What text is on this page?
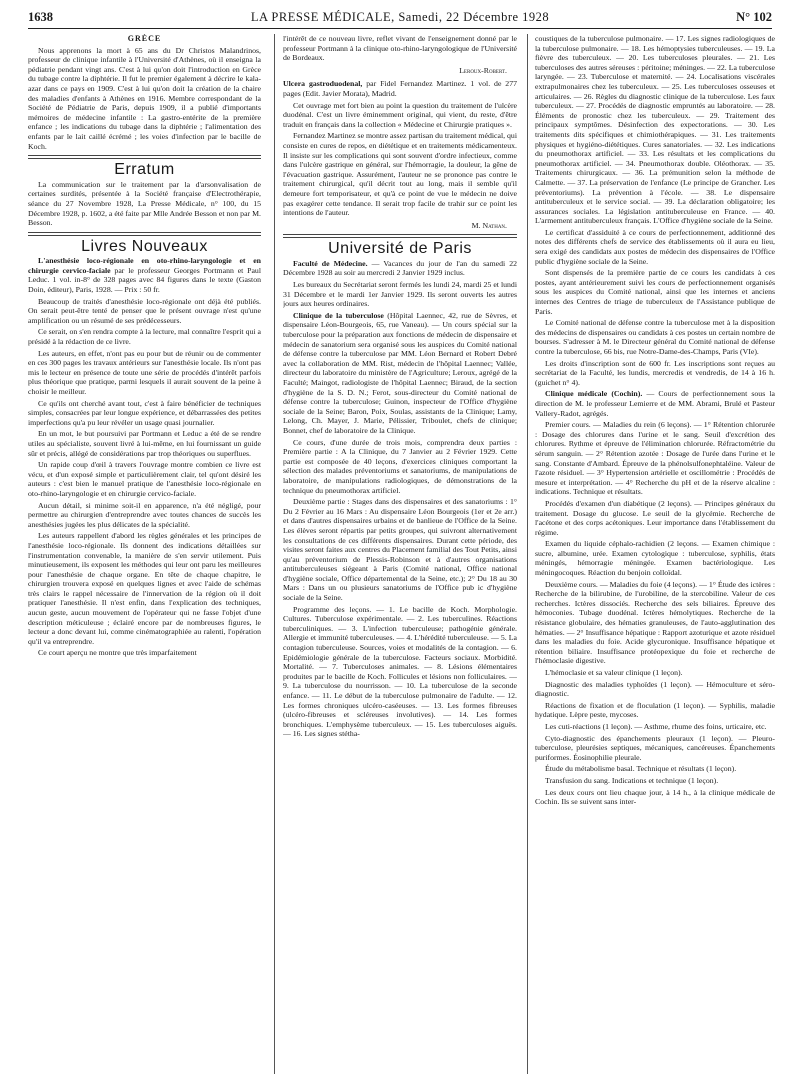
1638	LA PRESSE MÉDICALE, Samedi, 22 Décembre 1928	N° 102

GRÈCE

Nous apprenons la mort à 65 ans du Dr Christos Malandrinos, professeur de clinique infantile à l'Université d'Athènes, où il enseigna la pédiatrie pendant vingt ans. C'est à lui qu'on doit l'introduction en Grèce du tubage contre la diphtérie. Il fut le premier également à décrire le kala-azar dans ce pays en 1909. C'est à lui qu'on doit la création de la chaire des maladies d'enfants à Athènes en 1916. Membre correspondant de la Société de Pédiatrie de Paris, depuis 1909, il a publié d'importants mémoires de médecine infantile : La gastro-entérite de la première enfance ; les indications du tubage dans la diphtérie ; l'alimentation des enfants par le lait caillé écrémé ; les voies d'infection par le bacille de Koch.

Erratum

La communication sur le traitement par la d'arsonvalisation de certaines surdités, présentée à la Société française d'Electrothérapie, séance du 27 Novembre 1928, La Presse Médicale, n° 100, du 15 Décembre 1928, p. 1602, a été faite par Mlle Andrée Besson et non par M. Besson.

Livres Nouveaux

L'anesthésie loco-régionale en oto-rhino-laryngologie et en chirurgie cervico-faciale par le professeur Georges Portmann et Paul Leduc. 1 vol. in-8° de 328 pages avec 84 figures dans le texte (Gaston Doin, éditeur), Paris, 1928. — Prix : 50 fr.

Beaucoup de traités d'anesthésie loco-régionale ont déjà été publiés. On serait peut-être tenté de penser que le présent ouvrage n'est qu'une amplification ou un résumé de ses prédécesseurs.

Ce serait, on s'en rendra compte à la lecture, mal connaître l'esprit qui a présidé à la rédaction de ce livre.

Les auteurs, en effet, n'ont pas eu pour but de réunir ou de commenter en ces 300 pages les travaux antérieurs sur l'anesthésie locale. Ils n'ont pas mis le lecteur en présence de toute une série de procédés d'intérêt parfois plus théorique que pratique, parmi lesquels il aurait souvent de la peine à choisir le meilleur.

Ce qu'ils ont cherché avant tout, c'est à faire bénéficier de techniques simples, consacrées par leur longue expérience, et débarrassées des petites imperfections qu'a pu leur révéler un usage quasi journalier.

En un mot, le but poursuivi par Portmann et Leduc a été de se rendre utiles au spécialiste, souvent livré à lui-même, en lui fournissant un guide sûr et précis, allégé de considérations par trop théoriques ou superflues.

Un rapide coup d'œil à travers l'ouvrage montre combien ce livre est vécu, et d'un exposé simple et particulièrement clair, tel qu'ont désiré les auteurs : c'est bien le manuel pratique de l'anesthésie loco-régionale en oto-rhino-laryngologie et en chirurgie cervico-faciale.

Aucun détail, si minime soit-il en apparence, n'a été négligé, pour permettre au chirurgien d'entreprendre avec toutes chances de succès les anesthésies jugées les plus délicates de la spécialité.

Les auteurs rappellent d'abord les règles générales et les principes de l'anesthésie loco-régionale. Ils donnent des indications détaillées sur l'instrumentation convenable, la manière de s'en servir utilement. Puis minutieusement, ils exposent les méthodes qui leur ont paru les meilleures pour l'anesthésie de chaque organe. En tête de chaque chapitre, le chirurgien trouvera exposé en quelques lignes et avec l'aide de schémas très clairs le rappel nécessaire de l'innervation de la région où il doit pratiquer l'anesthésie. Il n'est enfin, dans l'explication des techniques, aucun geste, aucun mouvement de l'opérateur qui ne fasse l'objet d'une description méticuleuse ; éclairé encore par de nombreuses figures, le lecteur a donc devant lui, comme cinématographiée au ralenti, l'opération qu'il va entreprendre.

Ce court aperçu ne montre que très imparfaitement

l'intérêt de ce nouveau livre, reflet vivant de l'enseignement donné par le professeur Portmann à la clinique oto-rhino-laryngologique de l'Université de Bordeaux.

Leroux-Robert.

Ulcera gastroduodenal, par Fidel Fernandez Martinez. 1 vol. de 277 pages (Edit. Javier Morata), Madrid.

Cet ouvrage met fort bien au point la question du traitement de l'ulcère duodénal. C'est un livre éminemment original, qui vient, du reste, d'être traduit en français dans la collection « Médecine et Chirurgie pratiques ».

Fernandez Martinez se montre assez partisan du traitement médical, qui consiste en cures de repos, en diététique et en traitements médicamenteux. Il insiste sur les complications qui sont souvent d'ordre infectieux, comme dans l'ulcère gastrique en général, sur l'hémorragie, la douleur, la gêne de l'évacuation gastrique. Assurément, l'auteur ne se prononce pas contre le traitement chirurgical, qu'il décrit tout au long, mais il semble qu'il demeure fort temporisateur, et qu'à ce point de vue le médecin ne doive pas exagérer cette tendance. Il serait trop facile de trahir sur ce point les intentions de l'auteur.

M. Nathan.
Université de Paris

Faculté de Médecine. — Vacances du jour de l'an du samedi 22 Décembre 1928 au soir au mercredi 2 Janvier 1929 inclus.

Les bureaux du Secrétariat seront fermés les lundi 24, mardi 25 et lundi 31 Décembre et le mardi 1er Janvier 1929. Ils seront ouverts les autres jours aux heures ordinaires.

Clinique de la tuberculose (Hôpital Laennec, 42, rue de Sèvres, et dispensaire Léon-Bourgeois, 65, rue Vaneau). — Un cours spécial sur la tuberculose pour la préparation aux fonctions de médecin de dispensaire et médecin de sanatorium sera organisé sous les auspices du Comité national de défense contre la tuberculose par MM. Léon Bernard et Robert Debré avec la collaboration de MM. Rist, médecin de l'hôpital Laennec; Vallée, directeur du laboratoire du ministère de l'Agriculture; Leroux, agrégé de la Faculté; Maingot, radiologiste de l'hôpital Laennec; Biraud, de la section d'hygiène de la S. D. N.; Ferot, sous-directeur du Comité national de défense contre la tuberculose; Guinon, inspecteur de l'Office d'hygiène sociale de la Seine; Baron, Poix, Soulas, assistants de la Clinique; Lamy, Lelong, Ch. Mayer, J. Marie, Pélissier, Triboulet, chefs de clinique; Bonnet, chef de laboratoire de la Clinique.

Ce cours, d'une durée de trois mois, comprendra deux parties : Première partie : A la Clinique, du 7 Janvier au 2 Février 1929. Cette partie est composée de 40 leçons, d'exercices cliniques comportant la sélection des malades préventoriums et sanatoriums, de manipulations de laboratoire, de manipulations radiologiques, de démonstrations de la technique du pneumothorax artificiel.

Deuxième partie : Stages dans des dispensaires et des sanatoriums : 1° Du 2 Février au 16 Mars : Au dispensaire Léon Bourgeois (1er et 2e arr.) et dans d'autres dispensaires urbains et de banlieue de l'Office de la Seine. Les élèves seront répartis par petits groupes, qui suivront alternativement les consultations de ces différents dispensaires. Durant cette période, des visites seront faites aux centres du Placement familial des Tout Petits, ainsi qu'au préventorium de Plessis-Robinson et à d'autres organisations antituberculeuses siégeant à Paris (Comité national, Office national d'hygiène sociale, Office départemental de la Seine, etc.); 2° Du 18 au 30 Mars : Dans un ou plusieurs sanatoriums de l'Office pub ic d'hygiène sociale de la Seine.

Programme des leçons. — 1. Le bacille de Koch. Morphologie. Cultures. Tuberculose expérimentale. — 2. Les tuberculines. Réactions tuberculiniques. — 3. L'infection tuberculeuse; pathogénie générale. Allergie et immunité tuberculeuses. — 4. L'hérédité tuberculeuse. — 5. La contagion tuberculeuse. Sources, voies et modalités de la contagion. — 6. Epidémiologie générale de la tuberculose. Facteurs sociaux. Morbidité. Mortalité. — 7. Tuberculoses animales. — 8. Lésions élémentaires produites par le bacille de Koch. Follicules et lésions non folliculaires. — 9. La tuberculose du nourrisson. — 10. La tuberculose de la seconde enfance. — 11. Le début de la tuberculose pulmonaire de l'adulte. — 12. Les formes chroniques ulcéro-caséeuses. — 13. Les formes fibreuses (ulcéro-fibreuses et scléreuses involutives). — 14. Les formes bronchiques. L'emphysème tuberculeux. — 15. Les tuberculoses aiguës. — 16. Les signes stétha-

coustiques de la tuberculose pulmonaire. — 17. Les signes radiologiques de la tuberculose pulmonaire. — 18. Les hémoptysies tuberculeuses. — 19. La fièvre des tuberculeux. — 20. Les tuberculoses pleurales. — 21. Les tuberculoses des autres séreuses : péritoine; méninges. — 22. La tuberculose laryngée. — 23. Tuberculose et maternité. — 24. Localisations viscérales extrapulmonaires chez les tuberculeux. — 25. Les tuberculoses osseuses et articulaires. — 26. Règles du diagnostic clinique de la tuberculose. Les faux tuberculeux. — 27. Procédés de diagnostic empruntés au laboratoire. — 28. Éléments de pronostic chez les tuberculeux. — 29. Traitement des principaux symptômes. Désinfection des expectorations. — 30. Les traitements dits spécifiques et chimiothérapiques. — 31. Les traitements physiques et hygiéno-diététiques. Cures sanatoriales. — 32. Les indications du pneumothorax artificiel. — 33. Les résultats et les complications du pneumothorax artificiel. — 34. Pneumothorax double. Oléothorax. — 35. Traitements chirurgicaux. — 36. La prémunition selon la méthode de Calmette. — 37. La préservation de l'enfance (Le principe de Grancher. Les préventoriums). La prévention à l'école. — 38. Le dispensaire antituberculeux et le service social. — 39. La déclaration obligatoire; les assurances sociales. La législation antituberculeuse en France. — 40. L'armement antituberculeux français. L'Office d'hygiène sociale de la Seine.

Le certificat d'assiduité à ce cours de perfectionnement, additionné des notes des différents chefs de service des établissements où il aura eu lieu, sera exigé des candidats aux postes de médecin des dispensaires de l'Office public d'hygiène sociale de la Seine.

Sont dispensés de la première partie de ce cours les candidats à ces postes, ayant antérieurement suivi les cours de perfectionnement organisés sous les auspices du Comité national, ainsi que les internes et anciens internes des Centres de triage de tuberculeux de l'Assistance publique de Paris.

Le Comité national de défense contre la tuberculose met à la disposition des médecins de dispensaires ou candidats à ces postes un certain nombre de bourses. S'adresser à M. le Directeur général du Comité national de défense contre la tuberculose, 66 bis, rue Notre-Dame-des-Champs, Paris (VIe).

Les droits d'inscription sont de 600 fr. Les inscriptions sont reçues au secrétariat de la Faculté, les lundis, mercredis et vendredis, de 14 à 16 h. (guichet n° 4).

Clinique médicale (Cochin). — Cours de perfectionnement sous la direction de M. le professeur Lemierre et de MM. Abrami, Brulé et Pasteur Vallery-Radot, agrégés.

Premier cours. — Maladies du rein (6 leçons). — 1° Rétention chlorurée : Dosage des chlorures dans l'urine et le sang. Seuil d'excrétion des chlorures. Rythme et épreuve de l'élimination chlorurée. Réfractométrie du sérum sanguin. — 2° Rétention azotée : Dosage de l'urée dans l'urine et le sang. Constante d'Ambard. Épreuve de la phénolsulfonephtaléine. Valeur de l'azote résiduel. — 3° Hypertension artérielle et oscillométrie : Procédés de mesure et interprétation. — 4° Recherche du pH et de la réserve alcaline : indications. Technique et résultats.

Procédés d'examen d'un diabétique (2 leçons). — Principes généraux du traitement. Dosage du glucose. Le seuil de la glycémie. Recherche de l'acétone et des corps acétoniques. Leur importance dans l'établissement du régime.

Examen du liquide céphalo-rachidien (2 leçons. — Examen chimique : sucre, albumine, urée. Examen cytologique : tuberculose, syphilis, états méningés, hémorragie méningée. Examen bactériologique. Les méningocoques. Réaction du benjoin colloïdal.

Deuxième cours. — Maladies du foie (4 leçons). — 1° Étude des ictères : Recherche de la bilirubine, de l'urobiline, de la stercobiline. Valeur de ces recherches. Ictères dissociés. Recherche des sels biliaires. Épreuve des hémoconies. Tubage duodénal. Ictères hémolytiques. Recherche de la résistance globulaire, des hématies granuleuses, de l'auto-agglutination des hématies. — 2° Insuffisance hépatique : Rapport azoturique et azote résiduel dans les maladies du foie. Acide glycuronique. Insuffisance hépatique et rétention biliaire. Insuffisance protéopexique du foie et recherche de l'hémoclasie digestive.

L'hémoclasie et sa valeur clinique (1 leçon).

Diagnostic des maladies typhoïdes (1 leçon). — Hémoculture et séro-diagnostic.

Réactions de fixation et de floculation (1 leçon). — Syphilis, maladie hydatique. Lèpre peste, mycoses.

Les cuti-réactions (1 leçon). — Asthme, rhume des foins, urticaire, etc.

Cyto-diagnostic des épanchements pleuraux (1 leçon). — Pleuro-tuberculose, pleurésies septiques, mécaniques, cancéreuses. Épanchements puriformes. Éosinophilie pleurale.

Étude du métabolisme basal. Technique et résultats (1 leçon).

Transfusion du sang. Indications et technique (1 leçon).

Les deux cours ont lieu chaque jour, à 14 h., à la clinique médicale de Cochin. Ils se suivent sans inter-
